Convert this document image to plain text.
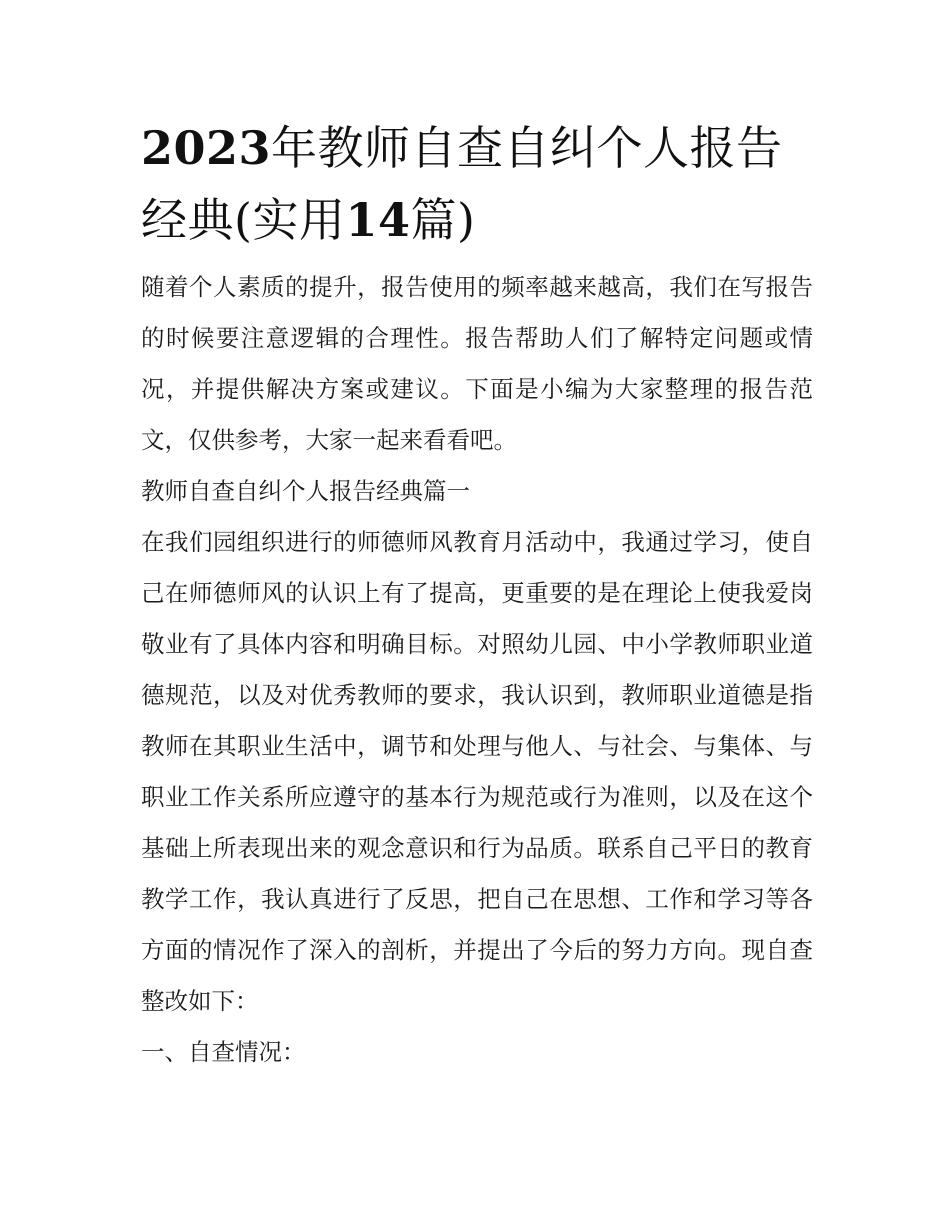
2023年教师自查自纠个人报告经典(实用14篇)

随着个人素质的提升，报告使用的频率越来越高，我们在写报告的时候要注意逻辑的合理性。报告帮助人们了解特定问题或情况，并提供解决方案或建议。下面是小编为大家整理的报告范文，仅供参考，大家一起来看看吧。

教师自查自纠个人报告经典篇一

在我们园组织进行的师德师风教育月活动中，我通过学习，使自己在师德师风的认识上有了提高，更重要的是在理论上使我爱岗敬业有了具体内容和明确目标。对照幼儿园、中小学教师职业道德规范，以及对优秀教师的要求，我认识到，教师职业道德是指教师在其职业生活中，调节和处理与他人、与社会、与集体、与职业工作关系所应遵守的基本行为规范或行为准则，以及在这个基础上所表现出来的观念意识和行为品质。联系自己平日的教育教学工作，我认真进行了反思，把自己在思想、工作和学习等各方面的情况作了深入的剖析，并提出了今后的努力方向。现自查整改如下：

一、自查情况：
